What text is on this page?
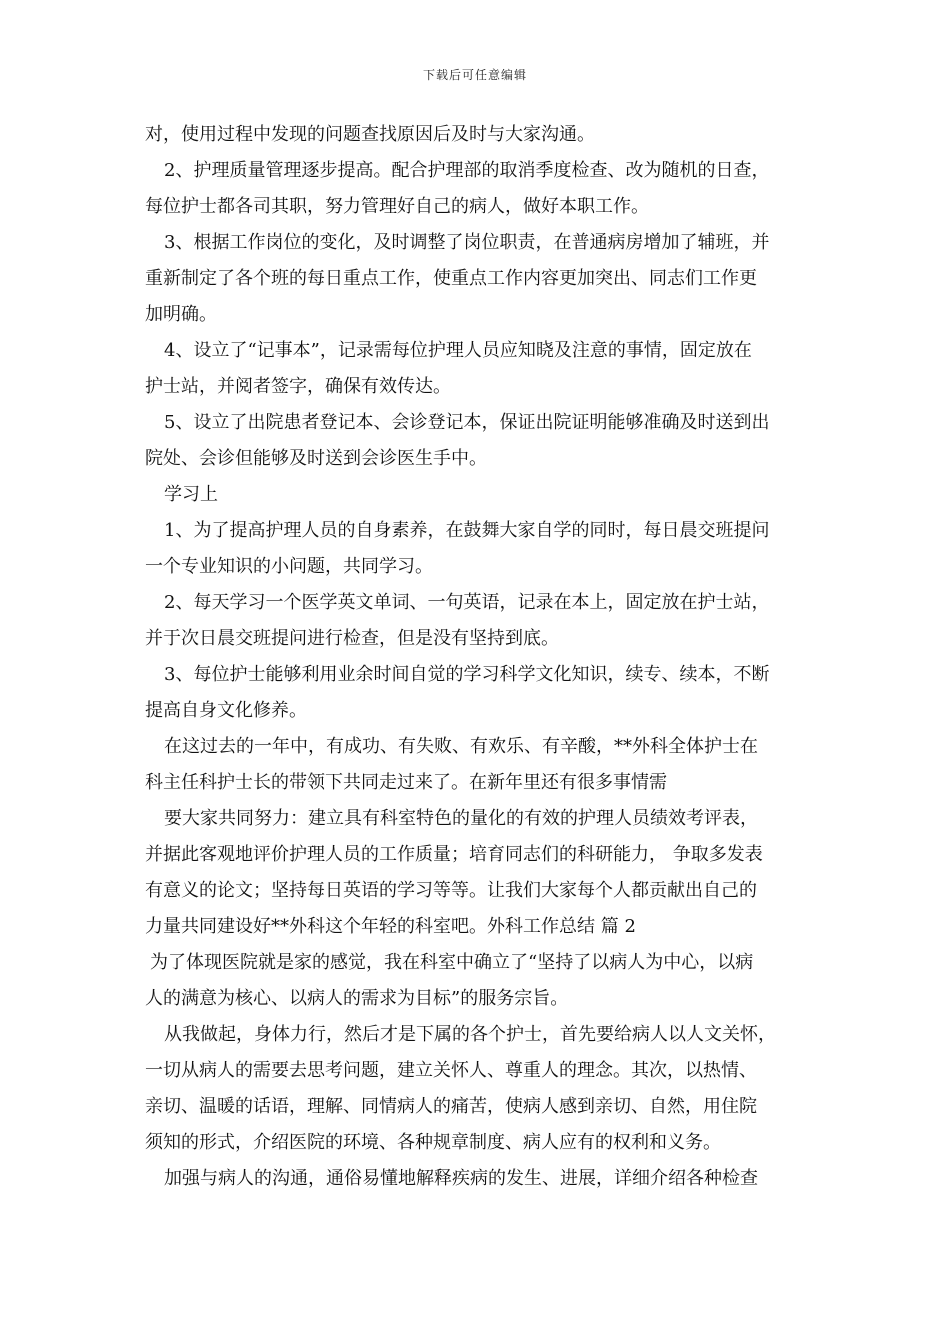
下载后可任意编辑
对，使用过程中发现的问题查找原因后及时与大家沟通。
2、护理质量管理逐步提高。配合护理部的取消季度检查、改为随机的日查，
每位护士都各司其职，努力管理好自己的病人，做好本职工作。
3、根据工作岗位的变化，及时调整了岗位职责，在普通病房增加了辅班，并
重新制定了各个班的每日重点工作，使重点工作内容更加突出、同志们工作更
加明确。
4、设立了“记事本”，记录需每位护理人员应知晓及注意的事情，固定放在
护士站，并阅者签字，确保有效传达。
5、设立了出院患者登记本、会诊登记本，保证出院证明能够准确及时送到出
院处、会诊但能够及时送到会诊医生手中。
学习上
1、为了提高护理人员的自身素养，在鼓舞大家自学的同时，每日晨交班提问
一个专业知识的小问题，共同学习。
2、每天学习一个医学英文单词、一句英语，记录在本上，固定放在护士站，
并于次日晨交班提问进行检查，但是没有坚持到底。
3、每位护士能够利用业余时间自觉的学习科学文化知识，续专、续本，不断
提高自身文化修养。
在这过去的一年中，有成功、有失败、有欢乐、有辛酸，**外科全体护士在
科主任科护士长的带领下共同走过来了。在新年里还有很多事情需
要大家共同努力：建立具有科室特色的量化的有效的护理人员绩效考评表，
并据此客观地评价护理人员的工作质量；培育同志们的科研能力， 争取多发表
有意义的论文；坚持每日英语的学习等等。让我们大家每个人都贡献出自己的
力量共同建设好**外科这个年轻的科室吧。外科工作总结 篇 2
为了体现医院就是家的感觉，我在科室中确立了“坚持了以病人为中心，以病
人的满意为核心、以病人的需求为目标”的服务宗旨。
从我做起，身体力行，然后才是下属的各个护士，首先要给病人以人文关怀，
一切从病人的需要去思考问题，建立关怀人、尊重人的理念。其次，以热情、
亲切、温暖的话语，理解、同情病人的痛苦，使病人感到亲切、自然，用住院
须知的形式，介绍医院的环境、各种规章制度、病人应有的权利和义务。
加强与病人的沟通，通俗易懂地解释疾病的发生、进展，详细介绍各种检查
